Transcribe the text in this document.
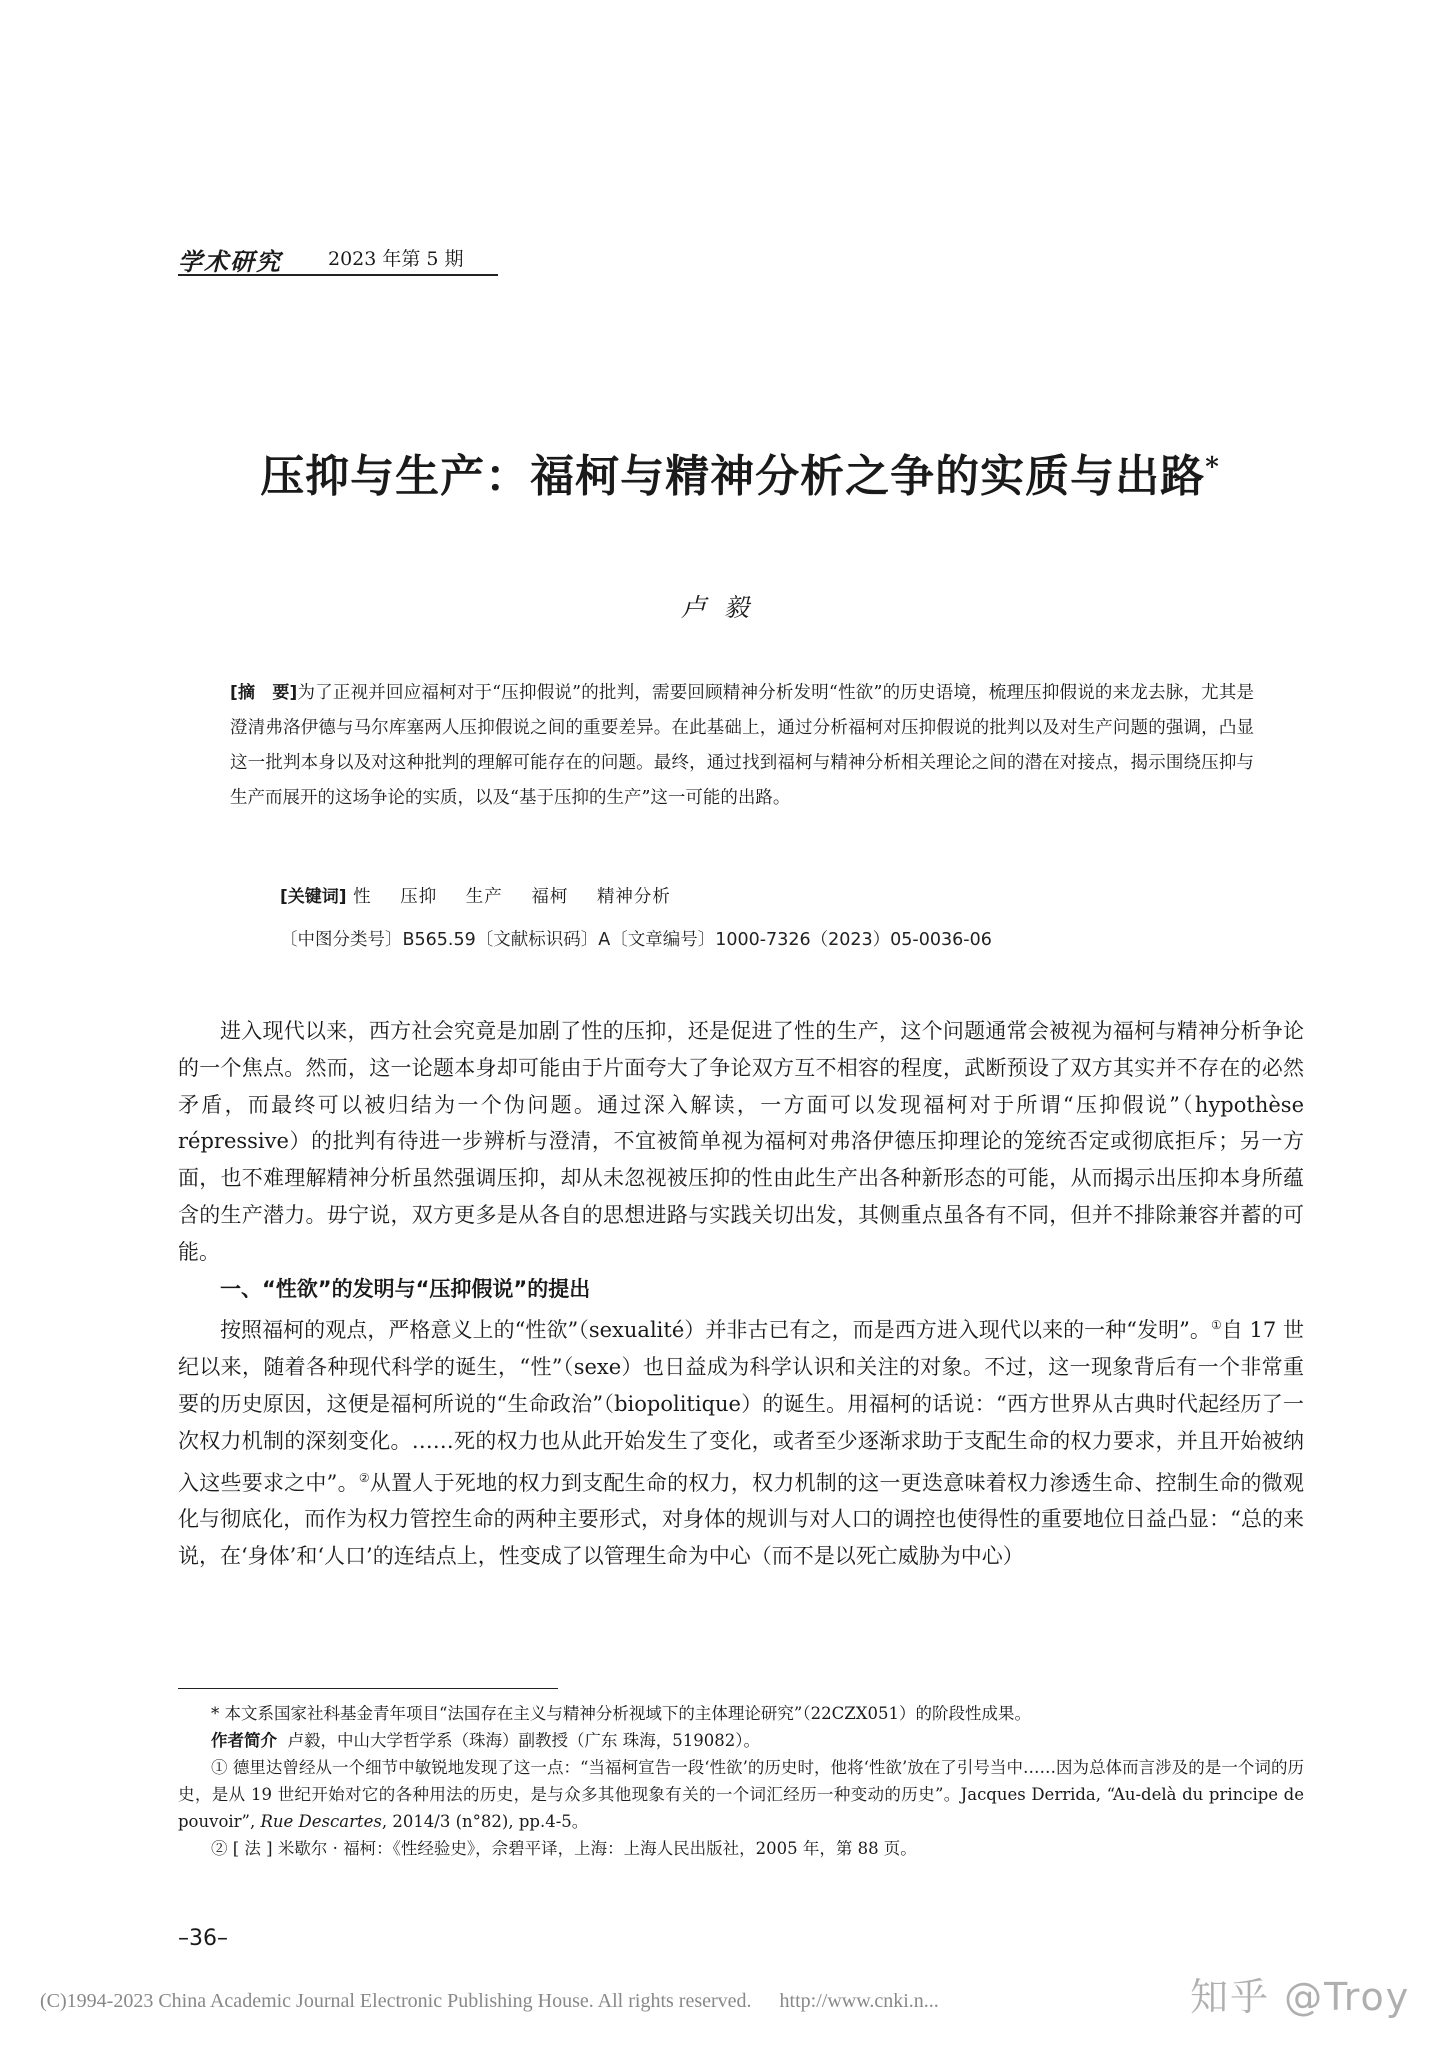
学术研究 2023 年第 5 期
压抑与生产：福柯与精神分析之争的实质与出路*
卢毅
[摘　要]为了正视并回应福柯对于“压抑假说”的批判，需要回顾精神分析发明“性欲”的历史语境，梳理压抑假说的来龙去脉，尤其是澄清弗洛伊德与马尔库塞两人压抑假说之间的重要差异。在此基础上，通过分析福柯对压抑假说的批判以及对生产问题的强调，凸显这一批判本身以及对这种批判的理解可能存在的问题。最终，通过找到福柯与精神分析相关理论之间的潜在对接点，揭示围绕压抑与生产而展开的这场争论的实质，以及“基于压抑的生产”这一可能的出路。
[关键词] 性 压抑 生产 福柯 精神分析
〔中图分类号〕B565.59〔文献标识码〕A〔文章编号〕1000-7326（2023）05-0036-06

进入现代以来，西方社会究竟是加剧了性的压抑，还是促进了性的生产，这个问题通常会被视为福柯与精神分析争论的一个焦点。然而，这一论题本身却可能由于片面夸大了争论双方互不相容的程度，武断预设了双方其实并不存在的必然矛盾，而最终可以被归结为一个伪问题。通过深入解读，一方面可以发现福柯对于所谓“压抑假说”（hypothèse répressive）的批判有待进一步辨析与澄清，不宜被简单视为福柯对弗洛伊德压抑理论的笼统否定或彻底拒斥；另一方面，也不难理解精神分析虽然强调压抑，却从未忽视被压抑的性由此生产出各种新形态的可能，从而揭示出压抑本身所蕴含的生产潜力。毋宁说，双方更多是从各自的思想进路与实践关切出发，其侧重点虽各有不同，但并不排除兼容并蓄的可能。

一、“性欲”的发明与“压抑假说”的提出

按照福柯的观点，严格意义上的“性欲”（sexualité）并非古已有之，而是西方进入现代以来的一种“发明”。①自 17 世纪以来，随着各种现代科学的诞生，“性”（sexe）也日益成为科学认识和关注的对象。不过，这一现象背后有一个非常重要的历史原因，这便是福柯所说的“生命政治”（biopolitique）的诞生。用福柯的话说：“西方世界从古典时代起经历了一次权力机制的深刻变化。……死的权力也从此开始发生了变化，或者至少逐渐求助于支配生命的权力要求，并且开始被纳入这些要求之中”。②从置人于死地的权力到支配生命的权力，权力机制的这一更迭意味着权力渗透生命、控制生命的微观化与彻底化，而作为权力管控生命的两种主要形式，对身体的规训与对人口的调控也使得性的重要地位日益凸显：“总的来说，在‘身体’和‘人口’的连结点上，性变成了以管理生命为中心（而不是以死亡威胁为中心）

* 本文系国家社科基金青年项目“法国存在主义与精神分析视域下的主体理论研究”（22CZX051）的阶段性成果。

作者简介 卢毅，中山大学哲学系（珠海）副教授（广东 珠海，519082）。

① 德里达曾经从一个细节中敏锐地发现了这一点：“当福柯宣告一段‘性欲’的历史时，他将‘性欲’放在了引号当中……因为总体而言涉及的是一个词的历史，是从 19 世纪开始对它的各种用法的历史，是与众多其他现象有关的一个词汇经历一种变动的历史”。Jacques Derrida, “Au-delà du principe de pouvoir”, Rue Descartes, 2014/3 (n°82), pp.4-5。

② [ 法 ] 米歇尔 · 福柯：《性经验史》，佘碧平译，上海：上海人民出版社，2005 年，第 88 页。

–36–
(C)1994-2023 China Academic Journal Electronic Publishing House. All rights reserved. http://www.cnki.n...	知乎 @Troy
